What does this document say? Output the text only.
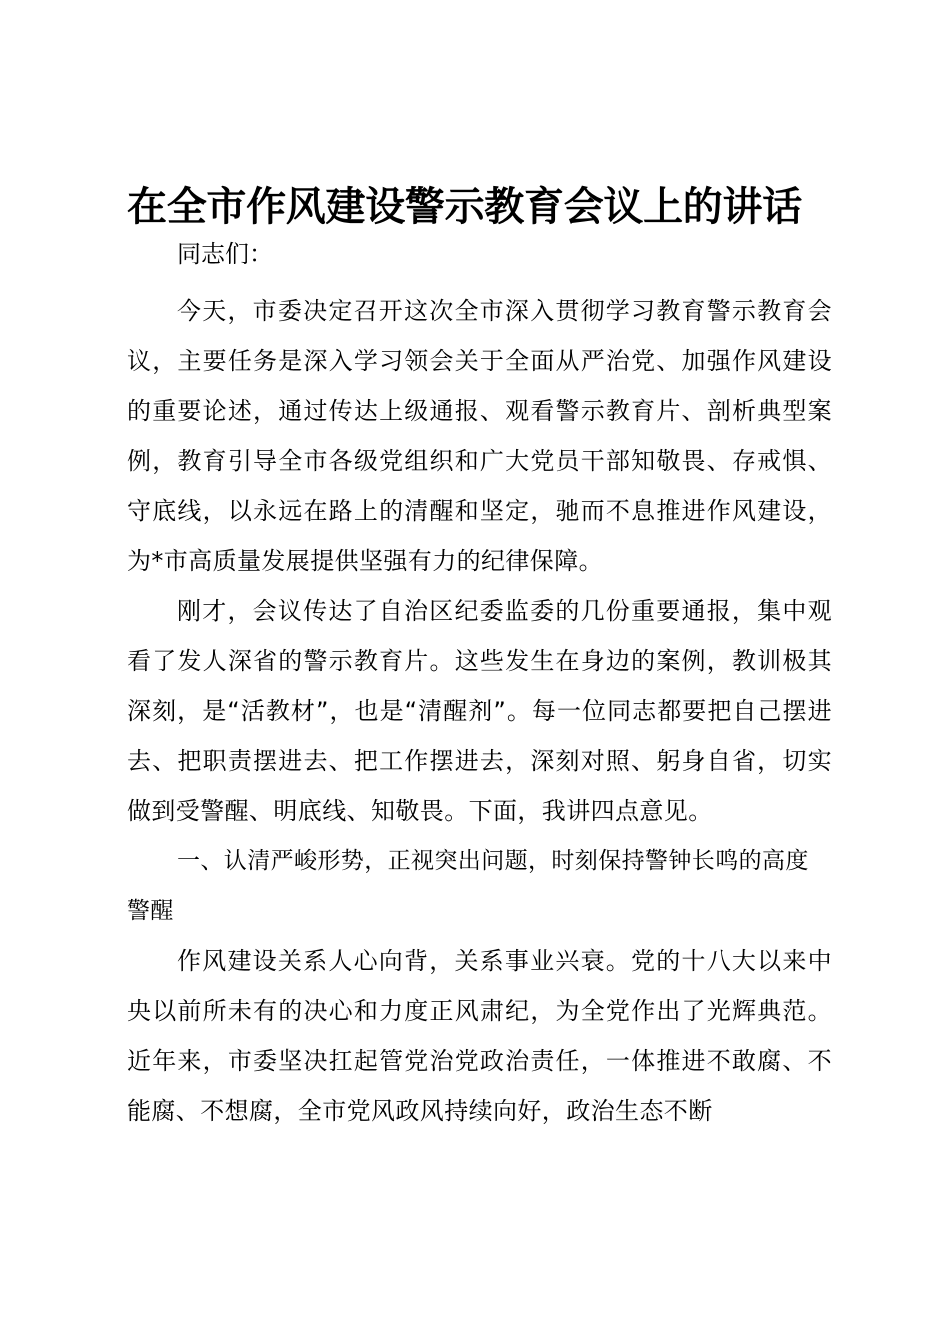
在全市作风建设警示教育会议上的讲话

同志们：

今天，市委决定召开这次全市深入贯彻学习教育警示教育会议，主要任务是深入学习领会关于全面从严治党、加强作风建设的重要论述，通过传达上级通报、观看警示教育片、剖析典型案例，教育引导全市各级党组织和广大党员干部知敬畏、存戒惧、守底线，以永远在路上的清醒和坚定，驰而不息推进作风建设，为*市高质量发展提供坚强有力的纪律保障。

刚才，会议传达了自治区纪委监委的几份重要通报，集中观看了发人深省的警示教育片。这些发生在身边的案例，教训极其深刻，是“活教材”，也是“清醒剂”。每一位同志都要把自己摆进去、把职责摆进去、把工作摆进去，深刻对照、躬身自省，切实做到受警醒、明底线、知敬畏。下面，我讲四点意见。

一、认清严峻形势，正视突出问题，时刻保持警钟长鸣的高度警醒

作风建设关系人心向背，关系事业兴衰。党的十八大以来中央以前所未有的决心和力度正风肃纪，为全党作出了光辉典范。近年来，市委坚决扛起管党治党政治责任，一体推进不敢腐、不能腐、不想腐，全市党风政风持续向好，政治生态不断
